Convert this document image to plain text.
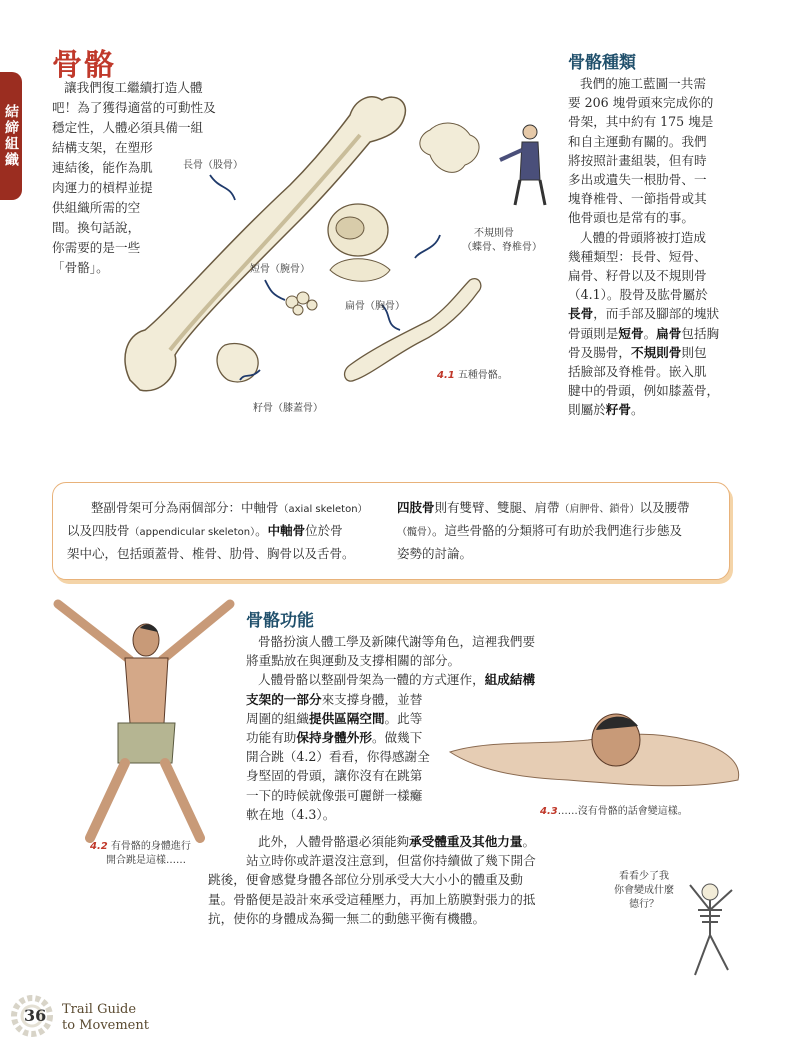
骨骼
結締組織
讓我們復工繼續打造人體
吧！為了獲得適當的可動性及
穩定性，人體必須具備一組
結構支架，在塑形
連結後，能作為肌
肉運力的槓桿並提
供組織所需的空
間。換句話說，
你需要的是一些
「骨骼」。
長骨（股骨）
短骨（腕骨）
扁骨（胸骨）
不規則骨
（蝶骨、脊椎骨）
籽骨（膝蓋骨）
4.1 五種骨骼。
骨骼種類
我們的施工藍圖一共需
要 206 塊骨頭來完成你的
骨架，其中約有 175 塊是
和自主運動有關的。我們
將按照計畫組裝，但有時
多出或遺失一根肋骨、一
塊脊椎骨、一節指骨或其
他骨頭也是常有的事。
人體的骨頭將被打造成
幾種類型：長骨、短骨、
扁骨、籽骨以及不規則骨
（4.1）。股骨及肱骨屬於
長骨，而手部及腳部的塊狀
骨頭則是短骨。扁骨包括胸
骨及腸骨，不規則骨則包
括臉部及脊椎骨。嵌入肌
腱中的骨頭，例如膝蓋骨，
則屬於籽骨。
整副骨架可分為兩個部分：中軸骨（axial skeleton）
以及四肢骨（appendicular skeleton）。中軸骨位於骨
架中心，包括頭蓋骨、椎骨、肋骨、胸骨以及舌骨。
四肢骨則有雙臂、雙腿、肩帶（肩胛骨、鎖骨）以及腰帶
（髖骨）。這些骨骼的分類將可有助於我們進行步態及
姿勢的討論。
骨骼功能
骨骼扮演人體工學及新陳代謝等角色，這裡我們要
將重點放在與運動及支撐相關的部分。
人體骨骼以整副骨架為一體的方式運作，組成結構
支架的一部分來支撐身體，並替
周圍的組織提供區隔空間。此等
功能有助保持身體外形。做幾下
開合跳（4.2）看看，你得感謝全
身堅固的骨頭，讓你沒有在跳第
一下的時候就像張可麗餅一樣癱
軟在地（4.3）。
此外，人體骨骼還必須能夠承受體重及其他力量。
站立時你或許還沒注意到，但當你持續做了幾下開合
跳後，便會感覺身體各部位分別承受大大小小的體重及動
量。骨骼便是設計來承受這種壓力，再加上筋膜對張力的抵
抗，使你的身體成為獨一無二的動態平衡有機體。
4.2 有骨骼的身體進行
開合跳是這樣……
4.3……沒有骨骼的話會變這樣。
看看少了我
你會變成什麼
德行？
36 Trail Guide
to Movement
